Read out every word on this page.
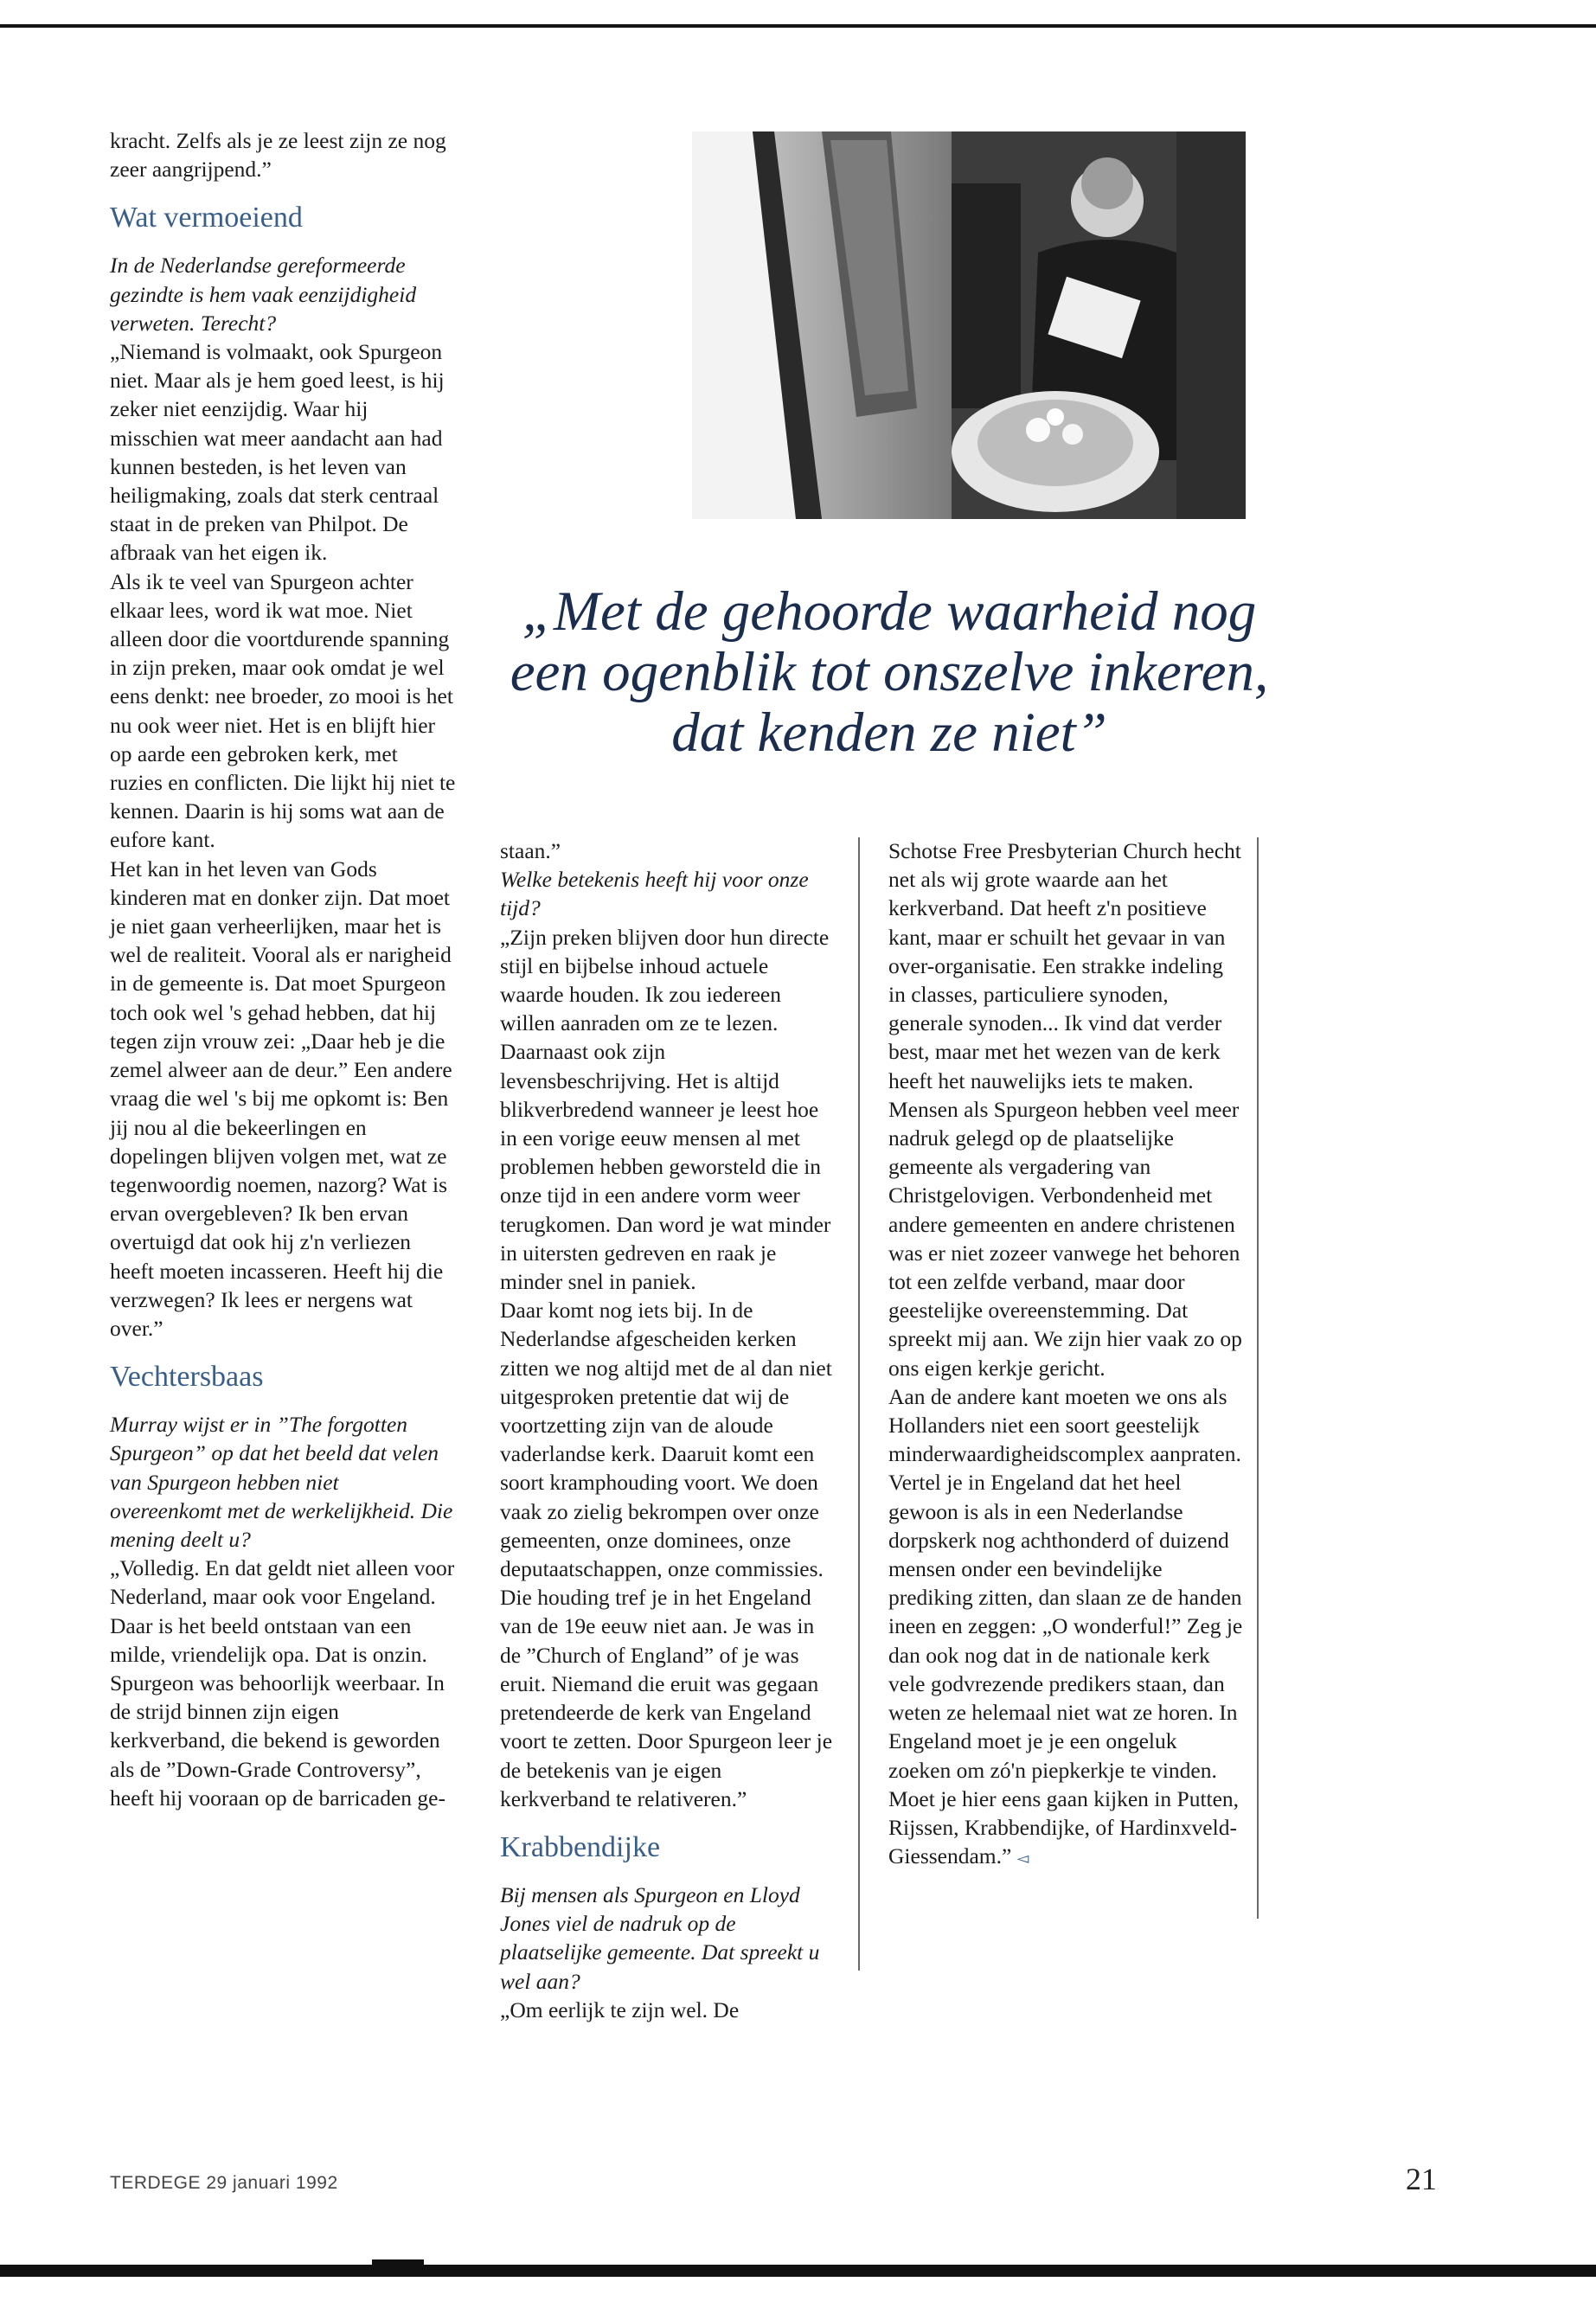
kracht. Zelfs als je ze leest zijn ze nog zeer aangrijpend.”

Wat vermoeiend

In de Nederlandse gereformeerde gezindte is hem vaak eenzijdigheid verweten. Terecht?

„Niemand is volmaakt, ook Spurgeon niet. Maar als je hem goed leest, is hij zeker niet eenzijdig. Waar hij misschien wat meer aandacht aan had kunnen besteden, is het leven van heiligmaking, zoals dat sterk centraal staat in de preken van Philpot. De afbraak van het eigen ik.

Als ik te veel van Spurgeon achter elkaar lees, word ik wat moe. Niet alleen door die voortdurende spanning in zijn preken, maar ook omdat je wel eens denkt: nee broeder, zo mooi is het nu ook weer niet. Het is en blijft hier op aarde een gebroken kerk, met ruzies en conflicten. Die lijkt hij niet te kennen. Daarin is hij soms wat aan de eufore kant.

Het kan in het leven van Gods kinderen mat en donker zijn. Dat moet je niet gaan verheerlijken, maar het is wel de realiteit. Vooral als er narigheid in de gemeente is. Dat moet Spurgeon toch ook wel 's gehad hebben, dat hij tegen zijn vrouw zei: „Daar heb je die zemel alweer aan de deur.” Een andere vraag die wel 's bij me opkomt is: Ben jij nou al die bekeerlingen en dopelingen blijven volgen met, wat ze tegenwoordig noemen, nazorg? Wat is ervan overgebleven? Ik ben ervan overtuigd dat ook hij z'n verliezen heeft moeten incasseren. Heeft hij die verzwegen? Ik lees er nergens wat over.”

Vechtersbaas

Murray wijst er in ”The forgotten Spurgeon” op dat het beeld dat velen van Spurgeon hebben niet overeenkomt met de werkelijkheid. Die mening deelt u?

„Volledig. En dat geldt niet alleen voor Nederland, maar ook voor Engeland. Daar is het beeld ontstaan van een milde, vriendelijk opa. Dat is onzin. Spurgeon was behoorlijk weerbaar. In de strijd binnen zijn eigen kerkverband, die bekend is geworden als de ”Down-Grade Controversy”, heeft hij vooraan op de barricaden ge-

„Met de gehoorde waarheid nog een ogenblik tot onszelve inkeren, dat kenden ze niet”

staan.”

Welke betekenis heeft hij voor onze tijd?

„Zijn preken blijven door hun directe stijl en bijbelse inhoud actuele waarde houden. Ik zou iedereen willen aanraden om ze te lezen. Daarnaast ook zijn levensbeschrijving. Het is altijd blikverbredend wanneer je leest hoe in een vorige eeuw mensen al met problemen hebben geworsteld die in onze tijd in een andere vorm weer terugkomen. Dan word je wat minder in uitersten gedreven en raak je minder snel in paniek.

Daar komt nog iets bij. In de Nederlandse afgescheiden kerken zitten we nog altijd met de al dan niet uitgesproken pretentie dat wij de voortzetting zijn van de aloude vaderlandse kerk. Daaruit komt een soort kramphouding voort. We doen vaak zo zielig bekrompen over onze gemeenten, onze dominees, onze deputaatschappen, onze commissies. Die houding tref je in het Engeland van de 19e eeuw niet aan. Je was in de ”Church of England” of je was eruit. Niemand die eruit was gegaan pretendeerde de kerk van Engeland voort te zetten. Door Spurgeon leer je de betekenis van je eigen kerkverband te relativeren.”

Krabbendijke

Bij mensen als Spurgeon en Lloyd Jones viel de nadruk op de plaatselijke gemeente. Dat spreekt u wel aan?

„Om eerlijk te zijn wel. De

Schotse Free Presbyterian Church hecht net als wij grote waarde aan het kerkverband. Dat heeft z'n positieve kant, maar er schuilt het gevaar in van over-organisatie. Een strakke indeling in classes, particuliere synoden, generale synoden... Ik vind dat verder best, maar met het wezen van de kerk heeft het nauwelijks iets te maken.

Mensen als Spurgeon hebben veel meer nadruk gelegd op de plaatselijke gemeente als vergadering van Christgelovigen. Verbondenheid met andere gemeenten en andere christenen was er niet zozeer vanwege het behoren tot een zelfde verband, maar door geestelijke overeenstemming. Dat spreekt mij aan. We zijn hier vaak zo op ons eigen kerkje gericht.

Aan de andere kant moeten we ons als Hollanders niet een soort geestelijk minderwaardigheidscomplex aanpraten. Vertel je in Engeland dat het heel gewoon is als in een Nederlandse dorpskerk nog achthonderd of duizend mensen onder een bevindelijke prediking zitten, dan slaan ze de handen ineen en zeggen: „O wonderful!” Zeg je dan ook nog dat in de nationale kerk vele godvrezende predikers staan, dan weten ze helemaal niet wat ze horen. In Engeland moet je je een ongeluk zoeken om zó'n piepkerkje te vinden. Moet je hier eens gaan kijken in Putten, Rijssen, Krabbendijke, of Hardinxveld-Giessendam.” ◅

TERDEGE 29 januari 1992	21
